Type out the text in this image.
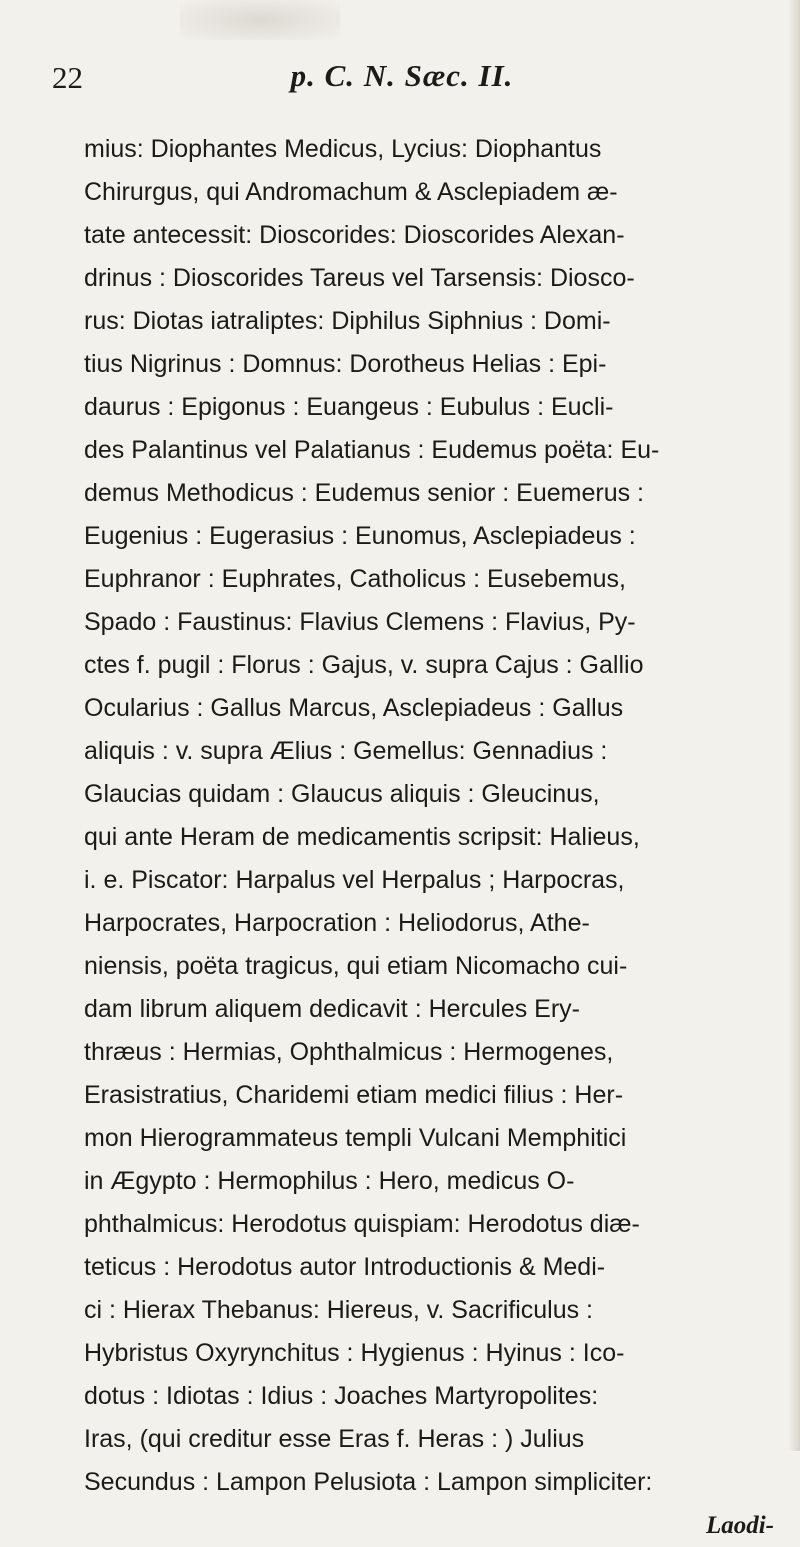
22	p. C. N. Sæc. II.
mius: Diophantes Medicus, Lycius: Diophantus
Chirurgus, qui Andromachum & Asclepiadem æ-
tate antecessit: Dioscorides: Dioscorides Alexan-
drinus : Dioscorides Tareus vel Tarsensis: Diosco-
rus: Diotas iatraliptes: Diphilus Siphnius : Domi-
tius Nigrinus : Domnus: Dorotheus Helias : Epi-
daurus : Epigonus : Euangeus : Eubulus : Eucli-
des Palantinus vel Palatianus : Eudemus poëta: Eu-
demus Methodicus : Eudemus senior : Euemerus :
Eugenius : Eugerasius : Eunomus, Asclepiadeus :
Euphranor : Euphrates, Catholicus : Eusebemus,
Spado : Faustinus: Flavius Clemens : Flavius, Py-
ctes f. pugil : Florus : Gajus, v. supra Cajus : Gallio
Ocularius : Gallus Marcus, Asclepiadeus : Gallus
aliquis : v. supra Ælius : Gemellus: Gennadius :
Glaucias quidam : Glaucus aliquis : Gleucinus,
qui ante Heram de medicamentis scripsit: Halieus,
i. e. Piscator: Harpalus vel Herpalus ; Harpocras,
Harpocrates, Harpocration : Heliodorus, Athe-
niensis, poëta tragicus, qui etiam Nicomacho cui-
dam librum aliquem dedicavit : Hercules Ery-
thræus : Hermias, Ophthalmicus : Hermogenes,
Erasistratius, Charidemi etiam medici filius : Her-
mon Hierogrammateus templi Vulcani Memphitici
in Ægypto : Hermophilus : Hero, medicus O-
phthalmicus: Herodotus quispiam: Herodotus diæ-
teticus : Herodotus autor Introductionis & Medi-
ci : Hierax Thebanus: Hiereus, v. Sacrificulus :
Hybristus Oxyrynchitus : Hygienus : Hyinus : Ico-
dotus : Idiotas : Idius : Joaches Martyropolites:
Iras, (qui creditur esse Eras f. Heras : ) Julius
Secundus : Lampon Pelusiota : Lampon simpliciter:
Laodi-
